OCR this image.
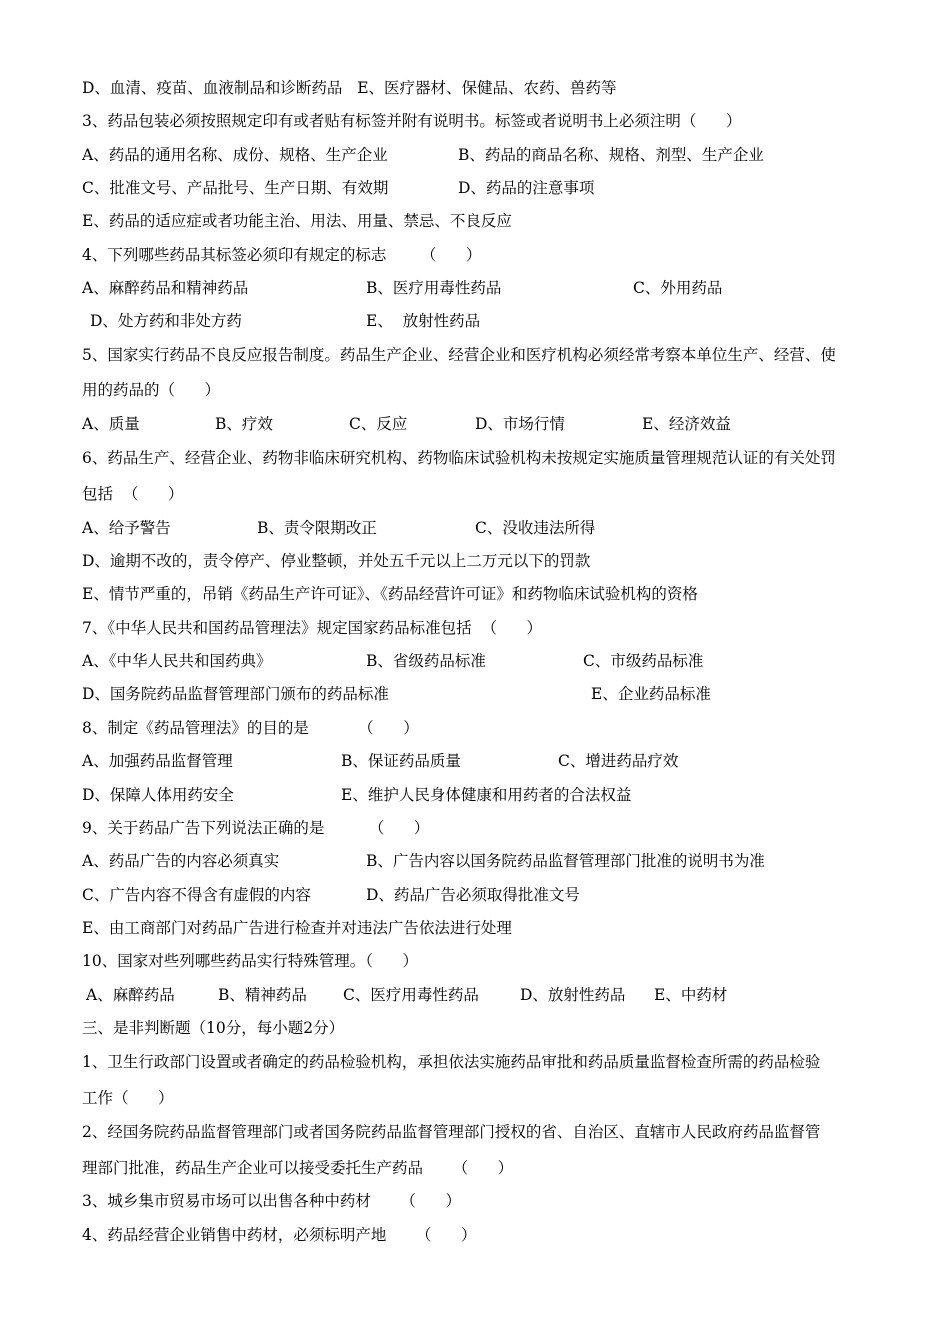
D、血清、疫苗、血液制品和诊断药品   E、医疗器材、保健品、农药、兽药等
3、药品包装必须按照规定印有或者贴有标签并附有说明书。标签或者说明书上必须注明（      ）

A、药品的通用名称、成份、规格、生产企业

	B、药品的商品名称、规格、剂型、生产企业

C、批准文号、产品批号、生产日期、有效期

	D、药品的注意事项

E、药品的适应症或者功能主治、用法、用量、禁忌、不良反应
4、下列哪些药品其标签必须印有规定的标志       （      ）

A、麻醉药品和精神药品

	B、医疗用毒性药品

	C、外用药品

D、处方药和非处方药

	E、  放射性药品

5、国家实行药品不良反应报告制度。药品生产企业、经营企业和医疗机构必须经常考察本单位生产、经营、使
用的药品的（      ）

A、质量

	B、疗效

	C、反应

	D、市场行情

	E、经济效益

6、药品生产、经营企业、药物非临床研究机构、药物临床试验机构未按规定实施质量管理规范认证的有关处罚
包括  （      ）

A、给予警告

	B、责令限期改正

	C、没收违法所得

D、逾期不改的，责令停产、停业整顿，并处五千元以上二万元以下的罚款
E、情节严重的，吊销《药品生产许可证》、《药品经营许可证》和药物临床试验机构的资格
7、《中华人民共和国药品管理法》规定国家药品标准包括  （      ）

A、《中华人民共和国药典》

	B、省级药品标准

	C、市级药品标准

D、国务院药品监督管理部门颁布的药品标准

	E、企业药品标准

8、制定《药品管理法》的目的是          （      ）

A、加强药品监督管理

	B、保证药品质量

	C、增进药品疗效

D、保障人体用药安全

	E、维护人民身体健康和用药者的合法权益

9、关于药品广告下列说法正确的是         （      ）

A、药品广告的内容必须真实

	B、广告内容以国务院药品监督管理部门批准的说明书为准

C、广告内容不得含有虚假的内容

	D、药品广告必须取得批准文号

E、由工商部门对药品广告进行检查并对违法广告依法进行处理
10、国家对些列哪些药品实行特殊管理。（      ）

A、麻醉药品

	B、精神药品

C、医疗用毒性药品

	D、放射性药品

E、中药材

三、是非判断题（10分，每小题2分）
1、卫生行政部门设置或者确定的药品检验机构，承担依法实施药品审批和药品质量监督检查所需的药品检验
工作（      ）
2、经国务院药品监督管理部门或者国务院药品监督管理部门授权的省、自治区、直辖市人民政府药品监督管
理部门批准，药品生产企业可以接受委托生产药品      （      ）
3、城乡集市贸易市场可以出售各种中药材      （      ）
4、药品经营企业销售中药材，必须标明产地      （      ）
